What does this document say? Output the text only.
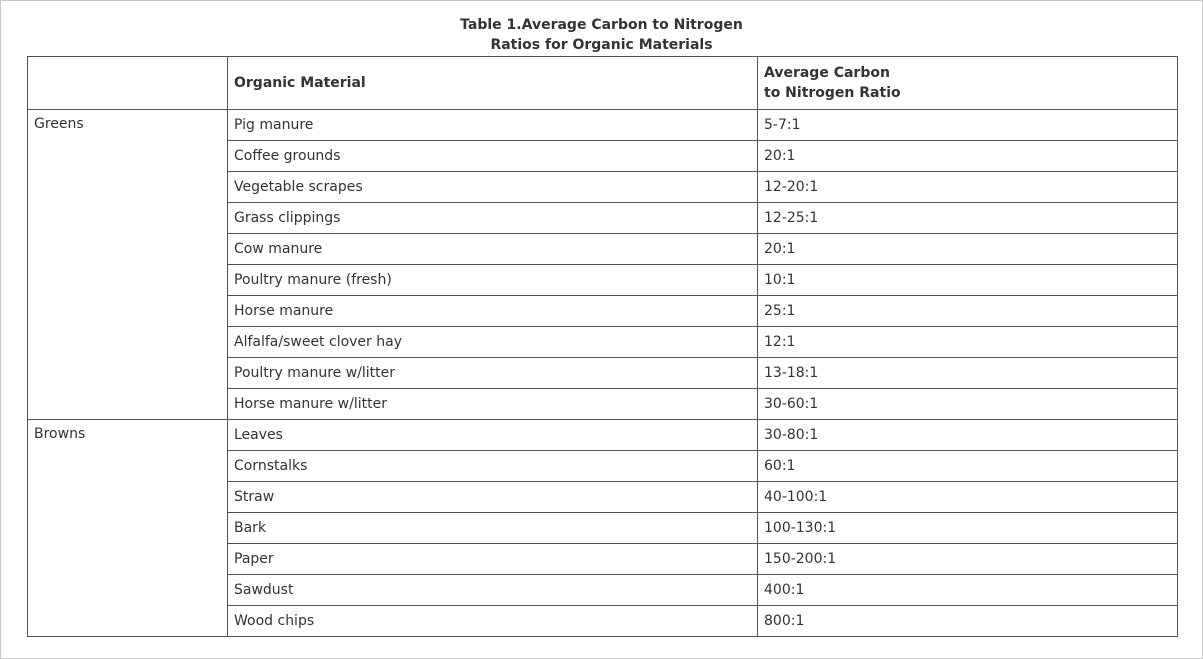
Table 1.Average Carbon to Nitrogen
Ratios for Organic Materials
	Organic Material	Average Carbon
to Nitrogen Ratio

Greens	Pig manure	5-7:1
	Coffee grounds	20:1
	Vegetable scrapes	12-20:1
	Grass clippings	12-25:1
	Cow manure	20:1
	Poultry manure (fresh)	10:1
	Horse manure	25:1
	Alfalfa/sweet clover hay	12:1
	Poultry manure w/litter	13-18:1
	Horse manure w/litter	30-60:1
Browns	Leaves	30-80:1
	Cornstalks	60:1
	Straw	40-100:1
	Bark	100-130:1
	Paper	150-200:1
	Sawdust	400:1
	Wood chips	800:1
